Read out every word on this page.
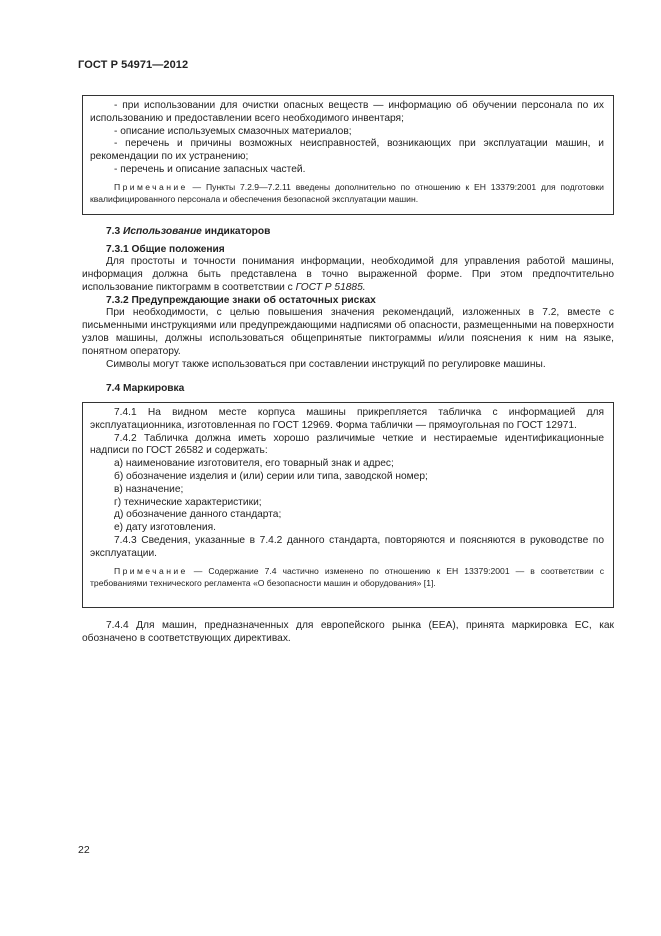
ГОСТ Р 54971—2012

- при использовании для очистки опасных веществ — информацию об обучении персонала по их использованию и предоставлении всего необходимого инвентаря;

- описание используемых смазочных материалов;

- перечень и причины возможных неисправностей, возникающих при эксплуатации машин, и рекомендации по их устранению;

- перечень и описание запасных частей.

Примечание — Пункты 7.2.9—7.2.11 введены дополнительно по отношению к ЕН 13379:2001 для подготовки квалифицированного персонала и обеспечения безопасной эксплуатации машин.

7.3 Использование индикаторов
7.3.1 Общие положения

Для простоты и точности понимания информации, необходимой для управления работой машины, информация должна быть представлена в точно выраженной форме. При этом предпочтительно использование пиктограмм в соответствии с ГОСТ Р 51885.

7.3.2 Предупреждающие знаки об остаточных рисках

При необходимости, с целью повышения значения рекомендаций, изложенных в 7.2, вместе с письменными инструкциями или предупреждающими надписями об опасности, размещенными на поверхности узлов машины, должны использоваться общепринятые пиктограммы и/или пояснения к ним на языке, понятном оператору.

Символы могут также использоваться при составлении инструкций по регулировке машины.

7.4 Маркировка

7.4.1 На видном месте корпуса машины прикрепляется табличка с информацией для эксплуатационника, изготовленная по ГОСТ 12969. Форма таблички — прямоугольная по ГОСТ 12971.

7.4.2 Табличка должна иметь хорошо различимые четкие и нестираемые идентификационные надписи по ГОСТ 26582 и содержать:

а) наименование изготовителя, его товарный знак и адрес;

б) обозначение изделия и (или) серии или типа, заводской номер;

в) назначение;

г) технические характеристики;

д) обозначение данного стандарта;

е) дату изготовления.

7.4.3 Сведения, указанные в 7.4.2 данного стандарта, повторяются и поясняются в руководстве по эксплуатации.

Примечание — Содержание 7.4 частично изменено по отношению к ЕН 13379:2001 — в соответствии с требованиями технического регламента «О безопасности машин и оборудования» [1].

7.4.4 Для машин, предназначенных для европейского рынка (ЕЕА), принята маркировка ЕС, как обозначено в соответствующих директивах.

22
